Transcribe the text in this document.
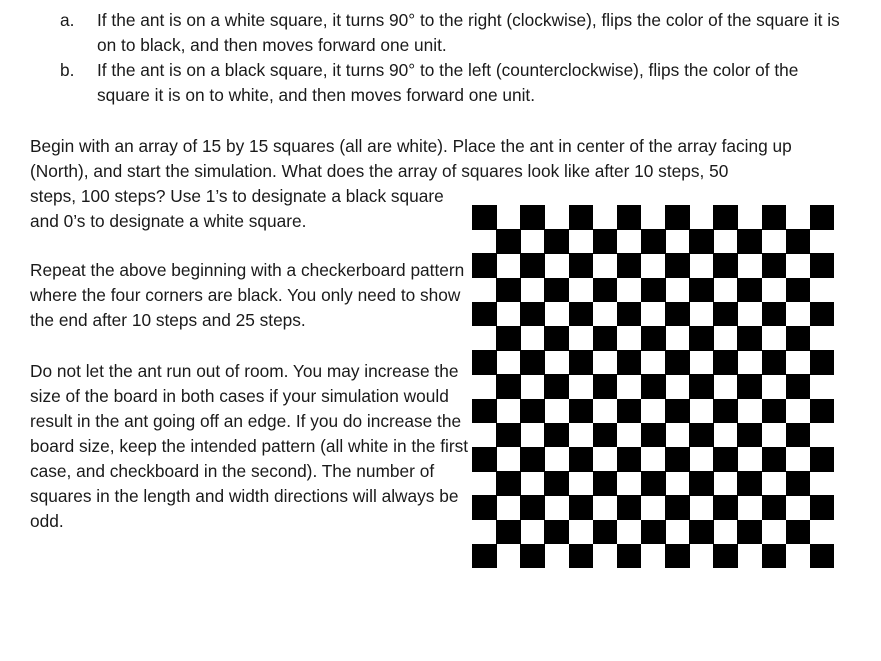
a. If the ant is on a white square, it turns 90° to the right (clockwise), flips the color of the square it is on to black, and then moves forward one unit.
b. If the ant is on a black square, it turns 90° to the left (counterclockwise), flips the color of the square it is on to white, and then moves forward one unit.

Begin with an array of 15 by 15 squares (all are white). Place the ant in center of the array facing up (North), and start the simulation. What does the array of squares look like after 10 steps, 50

steps, 100 steps? Use 1’s to designate a black square and 0’s to designate a white square.

Repeat the above beginning with a checkerboard pattern where the four corners are black. You only need to show the end after 10 steps and 25 steps.

Do not let the ant run out of room. You may increase the size of the board in both cases if your simulation would result in the ant going off an edge. If you do increase the board size, keep the intended pattern (all white in the first case, and checkboard in the second). The number of squares in the length and width directions will always be odd.
